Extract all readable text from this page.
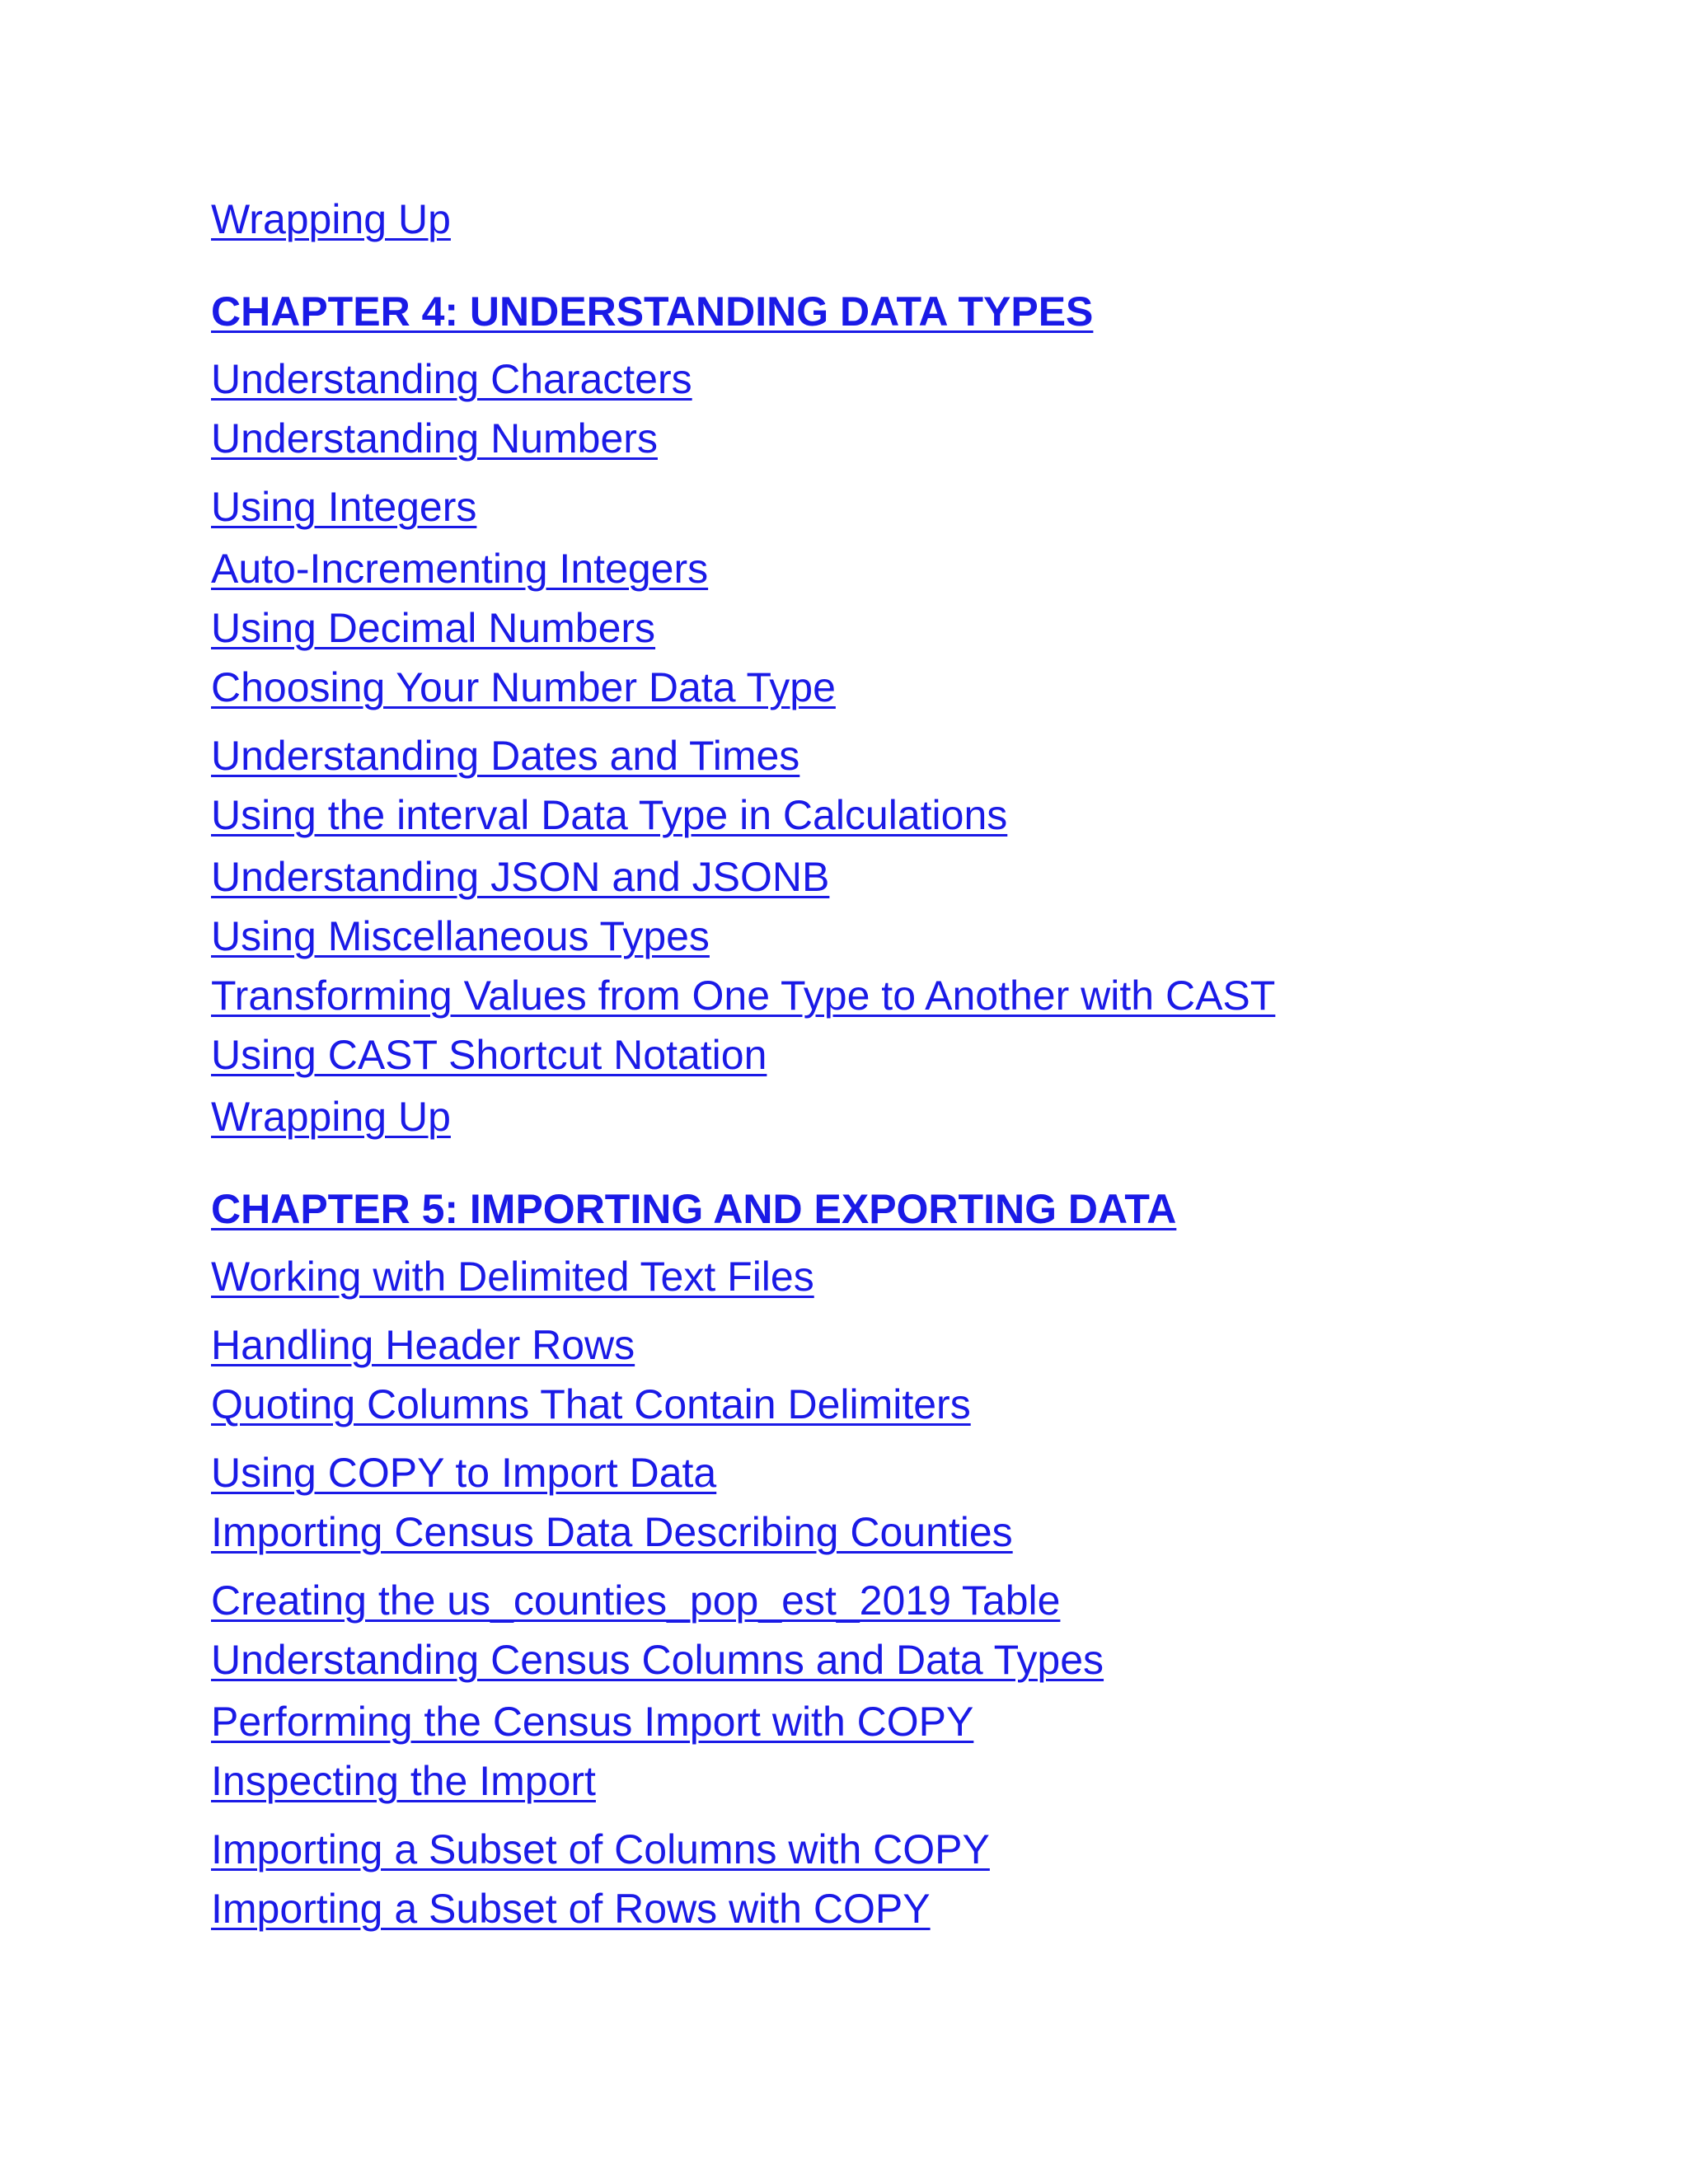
Wrapping Up
CHAPTER 4: UNDERSTANDING DATA TYPES
Understanding Characters
Understanding Numbers
Using Integers
Auto-Incrementing Integers
Using Decimal Numbers
Choosing Your Number Data Type
Understanding Dates and Times
Using the interval Data Type in Calculations
Understanding JSON and JSONB
Using Miscellaneous Types
Transforming Values from One Type to Another with CAST
Using CAST Shortcut Notation
Wrapping Up
CHAPTER 5: IMPORTING AND EXPORTING DATA
Working with Delimited Text Files
Handling Header Rows
Quoting Columns That Contain Delimiters
Using COPY to Import Data
Importing Census Data Describing Counties
Creating the us_counties_pop_est_2019 Table
Understanding Census Columns and Data Types
Performing the Census Import with COPY
Inspecting the Import
Importing a Subset of Columns with COPY
Importing a Subset of Rows with COPY
